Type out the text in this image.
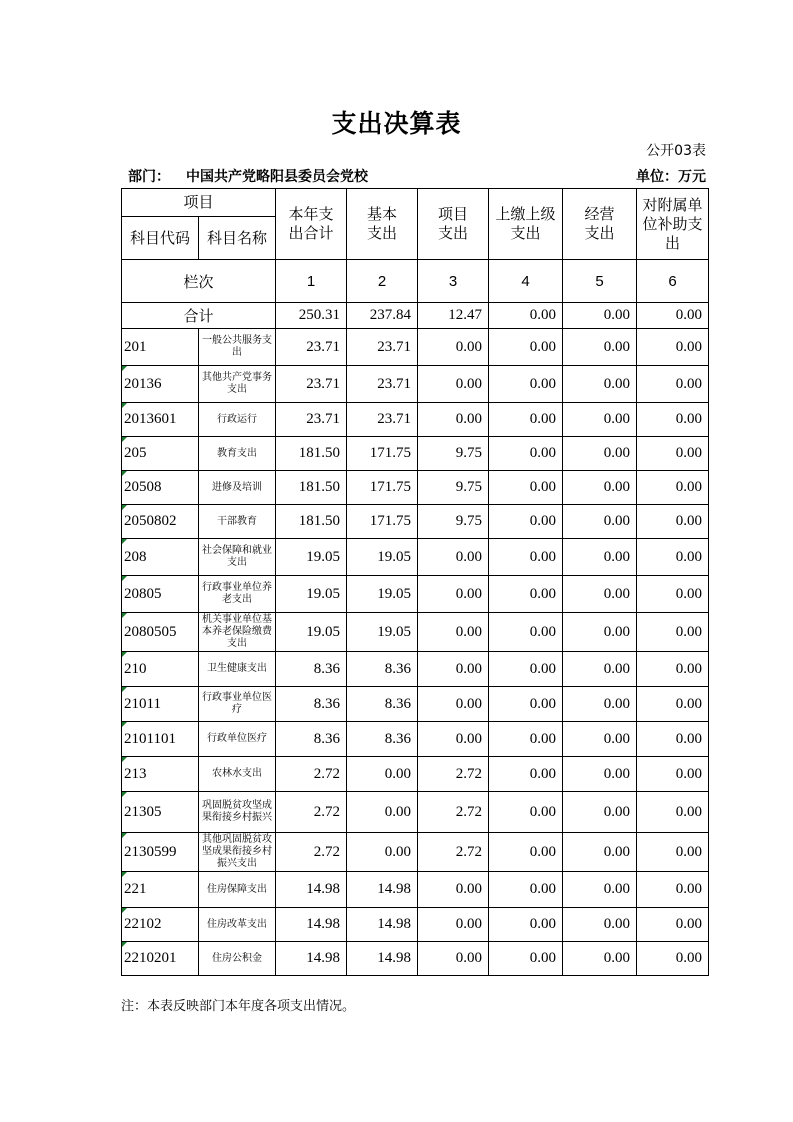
支出决算表
公开03表
部门： 中国共产党略阳县委员会党校	单位：万元
项目		本年支出合计	基本支出	项目支出	上缴上级支出	经营支出	对附属单位补助支出

科目代码	科目名称						
栏次		1	2	3	4	5	6
合计		250.31	237.84	12.47	0.00	0.00	0.00
201	一般公共服务支出	23.71	23.71	0.00	0.00	0.00	0.00

20136	其他共产党事务支出	23.71	23.71	0.00	0.00	0.00	0.00

2013601	行政运行	23.71	23.71	0.00	0.00	0.00	0.00

205	教育支出	181.50	171.75	9.75	0.00	0.00	0.00

20508	进修及培训	181.50	171.75	9.75	0.00	0.00	0.00

2050802	干部教育	181.50	171.75	9.75	0.00	0.00	0.00

208	社会保障和就业支出	19.05	19.05	0.00	0.00	0.00	0.00

20805	行政事业单位养老支出	19.05	19.05	0.00	0.00	0.00	0.00

2080505	机关事业单位基本养老保险缴费支出	19.05	19.05	0.00	0.00	0.00	0.00

210	卫生健康支出	8.36	8.36	0.00	0.00	0.00	0.00

21011	行政事业单位医疗	8.36	8.36	0.00	0.00	0.00	0.00

2101101	行政单位医疗	8.36	8.36	0.00	0.00	0.00	0.00

213	农林水支出	2.72	0.00	2.72	0.00	0.00	0.00

21305	巩固脱贫攻坚成果衔接乡村振兴	2.72	0.00	2.72	0.00	0.00	0.00

2130599	其他巩固脱贫攻坚成果衔接乡村振兴支出	2.72	0.00	2.72	0.00	0.00	0.00

221	住房保障支出	14.98	14.98	0.00	0.00	0.00	0.00

22102	住房改革支出	14.98	14.98	0.00	0.00	0.00	0.00

2210201	住房公积金	14.98	14.98	0.00	0.00	0.00	0.00
注：本表反映部门本年度各项支出情况。
